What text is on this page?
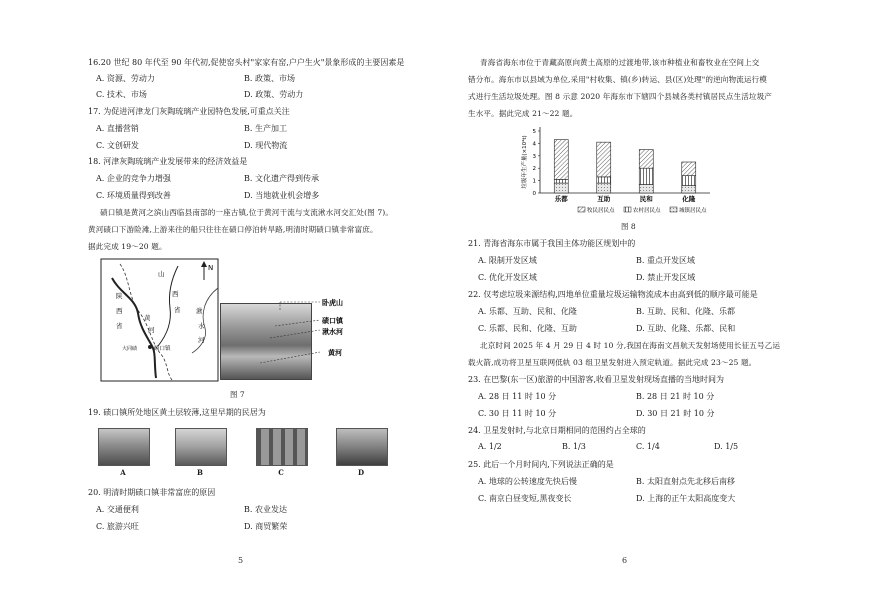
16.20 世纪 80 年代至 90 年代初,促使窑头村"家家有窑,户户生火"景象形成的主要因素是
A. 资源、劳动力	B. 政策、市场
C. 技术、市场	D. 政策、劳动力
17. 为促进河津龙门灰陶琉璃产业园特色发展,可重点关注
A. 直播营销	B. 生产加工
C. 文创研发	D. 现代物流
18. 河津灰陶琉璃产业发展带来的经济效益是
A. 企业的竞争力增强	B. 文化遗产得到传承
C. 环境质量得到改善	D. 当地就业机会增多
碛口镇是黄河之滨山西临县南部的一座古镇,位于黄河干流与支流湫水河交汇处(图 7)。
黄河碛口下游险滩,上游来往的船只往往在碛口停泊转旱路,明清时期碛口镇非常富庶。
据此完成 19～20 题。
N
陕
西
省
山
西
省
黄
河
湫
水
河
大同碛	碛口镇
卧虎山
碛口镇
湫水河
黄河
图 7
19. 碛口镇所处地区黄土层较薄,这里早期的民居为
A	B	C	D
20. 明清时期碛口镇非常富庶的原因
A. 交通便利	B. 农业发达
C. 旅游兴旺	D. 商贸繁荣
5
青海省海东市位于青藏高原向黄土高原的过渡地带,该市种植业和畜牧业在空间上交
错分布。海东市以县域为单位,采用"村收集、镇(乡)转运、县(区)处理"的逆向物流运行模
式进行生活垃圾处理。图 8 示意 2020 年海东市下辖四个县城各类村镇居民点生活垃圾产
生水平。据此完成 21～22 题。
0
1
2
3
4
5
垃圾年生产量(×10⁴t)
乐都	互助	民和	化隆
牧民居民点	农村居民点	城镇居民点
图 8
21. 青海省海东市属于我国主体功能区规划中的
A. 限制开发区域	B. 重点开发区域
C. 优化开发区域	D. 禁止开发区域
22. 仅考虑垃圾来源结构,四地单位重量垃圾运输物流成本由高到低的顺序最可能是
A. 乐都、互助、民和、化隆	B. 互助、民和、化隆、乐都
C. 乐都、民和、化隆、互助	D. 互助、化隆、乐都、民和
北京时间 2025 年 4 月 29 日 4 时 10 分,我国在海南文昌航天发射场使用长征五号乙运
载火箭,成功将卫星互联网低轨 03 组卫星发射进入预定轨道。据此完成 23～25 题。
23. 在巴黎(东一区)旅游的中国游客,收看卫星发射现场直播的当地时间为
A. 28 日 11 时 10 分	B. 28 日 21 时 10 分
C. 30 日 11 时 10 分	D. 30 日 21 时 10 分
24. 卫星发射时,与北京日期相同的范围约占全球的
A. 1/2	B. 1/3	C. 1/4	D. 1/5
25. 此后一个月时间内,下列说法正确的是
A. 地球的公转速度先快后慢	B. 太阳直射点先北移后南移
C. 南京白昼变短,黑夜变长	D. 上海的正午太阳高度变大
6
